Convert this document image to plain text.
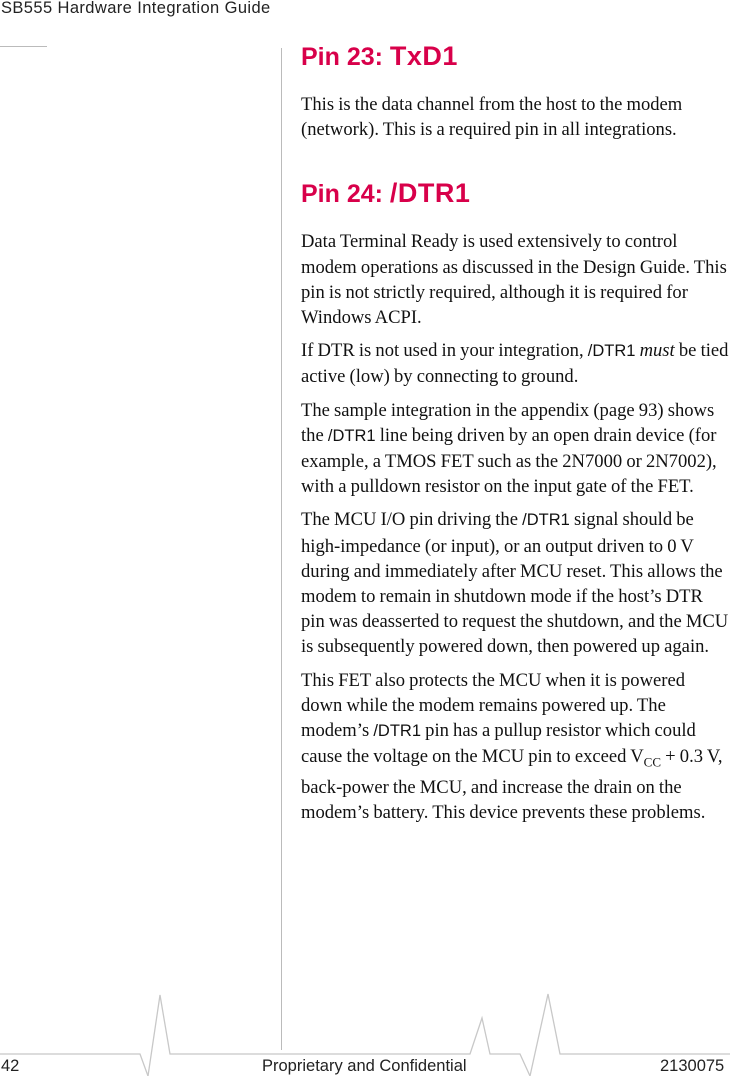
SB555 Hardware Integration Guide
Pin 23: TxD1

This is the data channel from the host to the modem (network). This is a required pin in all integrations.

Pin 24: /DTR1

Data Terminal Ready is used extensively to control modem operations as discussed in the Design Guide. This pin is not strictly required, although it is required for Windows ACPI.

If DTR is not used in your integration, /DTR1 must be tied active (low) by connecting to ground.

The sample integration in the appendix (page 93) shows the /DTR1 line being driven by an open drain device (for example, a TMOS FET such as the 2N7000 or 2N7002), with a pulldown resistor on the input gate of the FET.

The MCU I/O pin driving the /DTR1 signal should be high-impedance (or input), or an output driven to 0 V during and immediately after MCU reset. This allows the modem to remain in shutdown mode if the host’s DTR pin was deasserted to request the shutdown, and the MCU is subsequently powered down, then powered up again.

This FET also protects the MCU when it is powered down while the modem remains powered up. The modem’s /DTR1 pin has a pullup resistor which could cause the voltage on the MCU pin to exceed $V_{CC} + 0.3$ V, back-power the MCU, and increase the drain on the modem’s battery. This device prevents these problems.

42	Proprietary and Confidential	2130075
